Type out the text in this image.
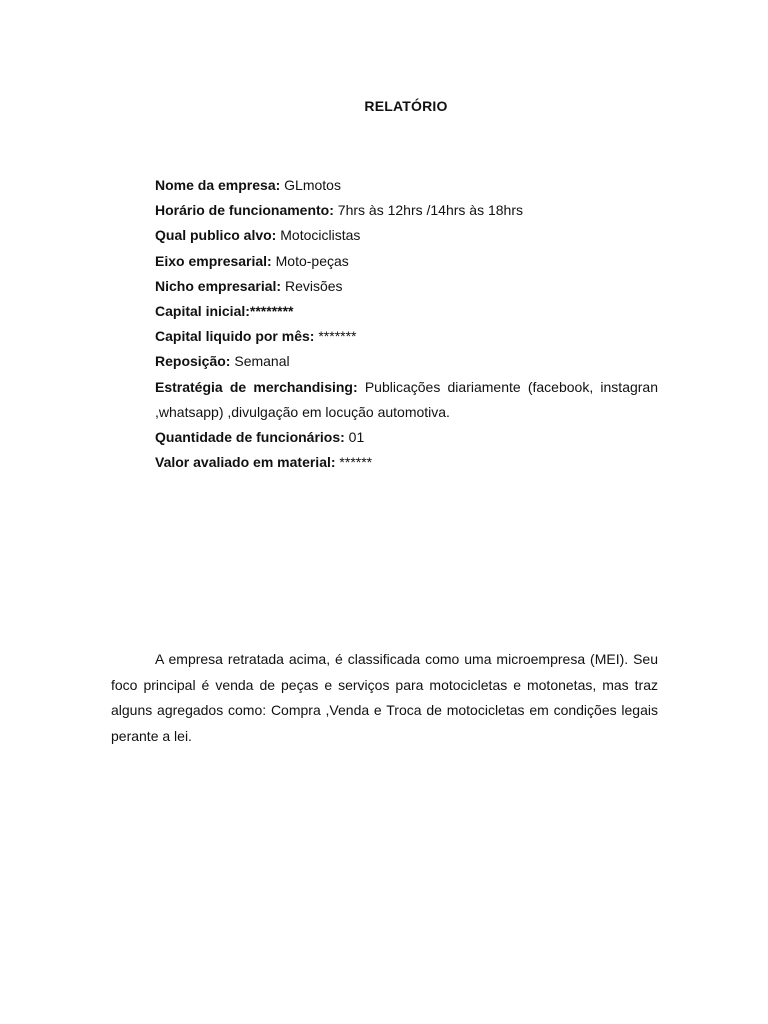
RELATÓRIO

Nome da empresa: GLmotos

Horário de funcionamento: 7hrs às 12hrs /14hrs às 18hrs

Qual publico alvo: Motociclistas

Eixo empresarial: Moto-peças

Nicho empresarial: Revisões

Capital inicial:********

Capital liquido por mês: *******

Reposição: Semanal

Estratégia de merchandising: Publicações diariamente (facebook, instagran ,whatsapp) ,divulgação em locução automotiva.

Quantidade de funcionários: 01

Valor avaliado em material: ******

A empresa retratada acima, é classificada como uma microempresa (MEI). Seu foco principal é venda de peças e serviços para motocicletas e motonetas, mas traz alguns agregados como: Compra ,Venda e Troca de motocicletas em condições legais perante a lei.
